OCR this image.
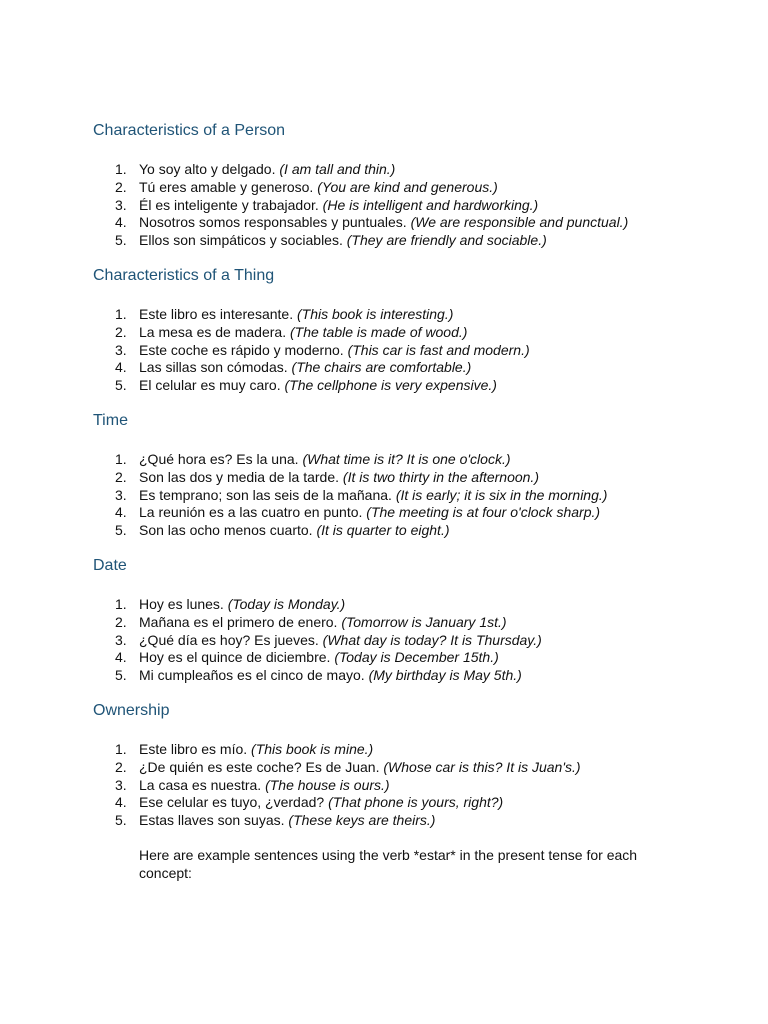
Characteristics of a Person
1. Yo soy alto y delgado. (I am tall and thin.)
2. Tú eres amable y generoso. (You are kind and generous.)
3. Él es inteligente y trabajador. (He is intelligent and hardworking.)
4. Nosotros somos responsables y puntuales. (We are responsible and punctual.)
5. Ellos son simpáticos y sociables. (They are friendly and sociable.)
Characteristics of a Thing
1. Este libro es interesante. (This book is interesting.)
2. La mesa es de madera. (The table is made of wood.)
3. Este coche es rápido y moderno. (This car is fast and modern.)
4. Las sillas son cómodas. (The chairs are comfortable.)
5. El celular es muy caro. (The cellphone is very expensive.)
Time
1. ¿Qué hora es? Es la una. (What time is it? It is one o'clock.)
2. Son las dos y media de la tarde. (It is two thirty in the afternoon.)
3. Es temprano; son las seis de la mañana. (It is early; it is six in the morning.)
4. La reunión es a las cuatro en punto. (The meeting is at four o'clock sharp.)
5. Son las ocho menos cuarto. (It is quarter to eight.)
Date
1. Hoy es lunes. (Today is Monday.)
2. Mañana es el primero de enero. (Tomorrow is January 1st.)
3. ¿Qué día es hoy? Es jueves. (What day is today? It is Thursday.)
4. Hoy es el quince de diciembre. (Today is December 15th.)
5. Mi cumpleaños es el cinco de mayo. (My birthday is May 5th.)
Ownership
1. Este libro es mío. (This book is mine.)
2. ¿De quién es este coche? Es de Juan. (Whose car is this? It is Juan's.)
3. La casa es nuestra. (The house is ours.)
4. Ese celular es tuyo, ¿verdad? (That phone is yours, right?)
5. Estas llaves son suyas. (These keys are theirs.)

Here are example sentences using the verb *estar* in the present tense for each concept:
